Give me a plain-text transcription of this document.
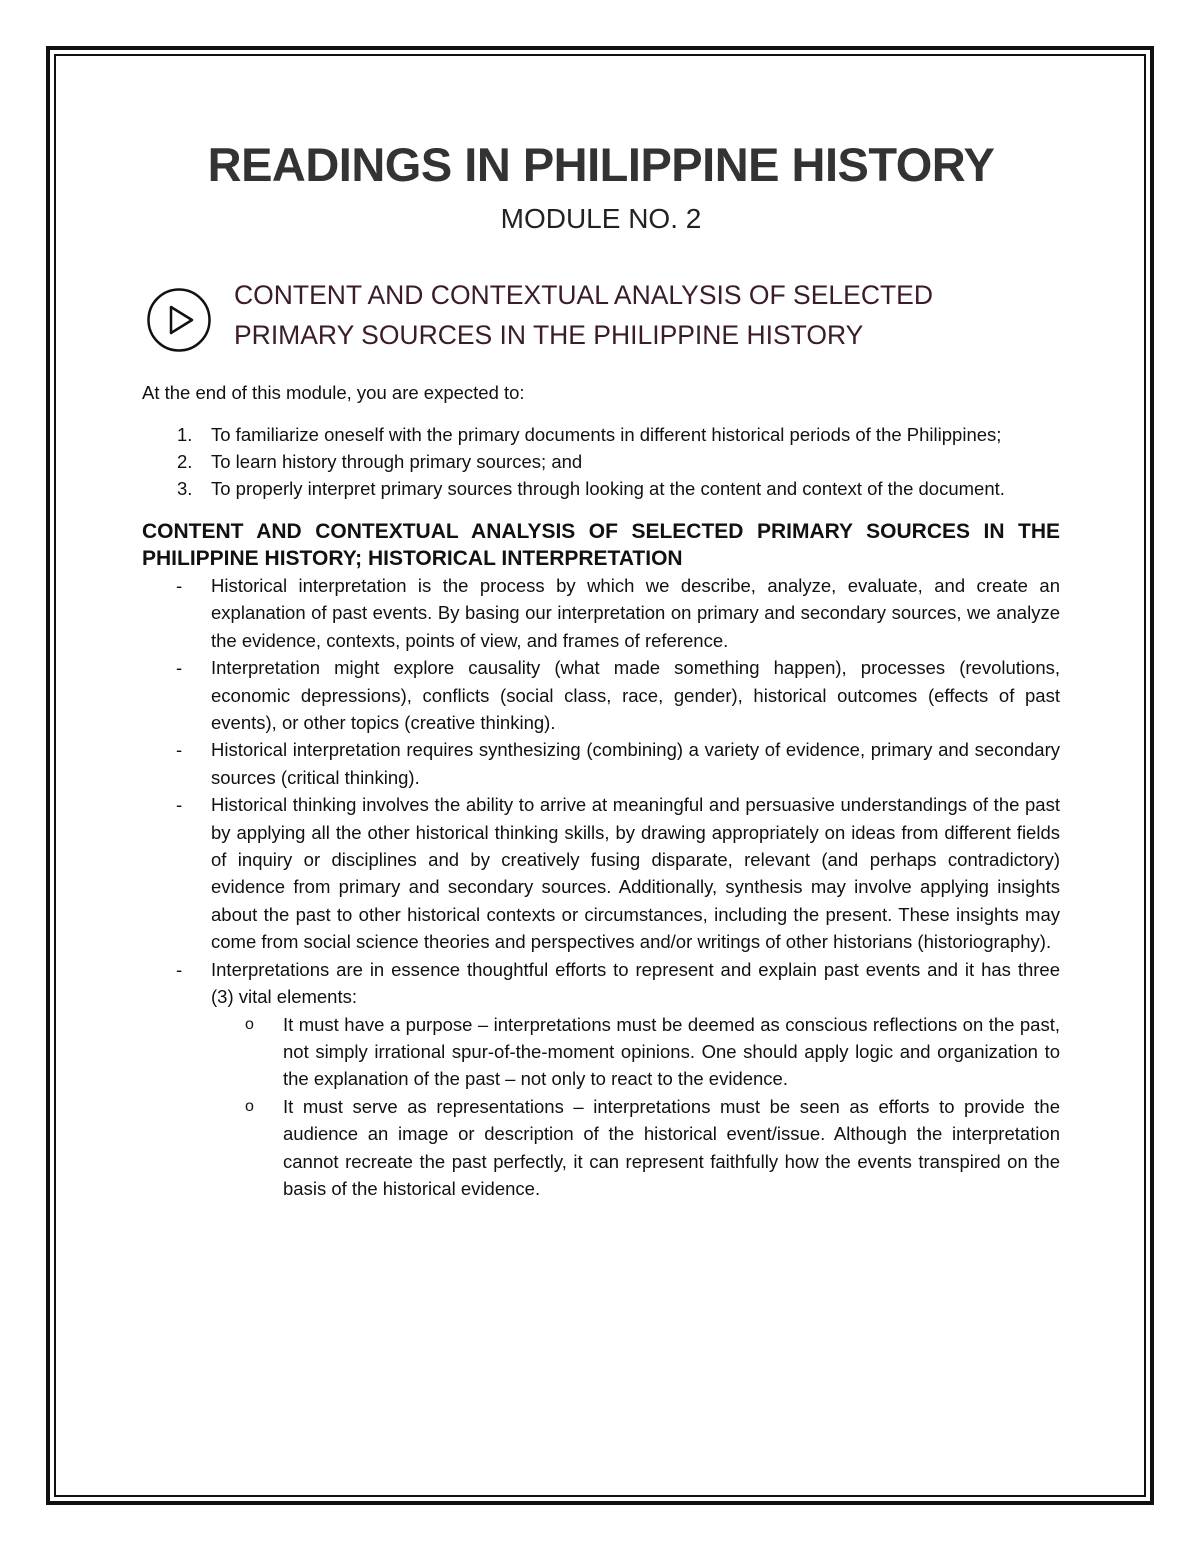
READINGS IN PHILIPPINE HISTORY

MODULE NO. 2

CONTENT AND CONTEXTUAL ANALYSIS OF SELECTED
PRIMARY SOURCES IN THE PHILIPPINE HISTORY

At the end of this module, you are expected to:

1. To familiarize oneself with the primary documents in different historical periods of the Philippines;
2. To learn history through primary sources; and
3. To properly interpret primary sources through looking at the content and context of the document.
CONTENT AND CONTEXTUAL ANALYSIS OF SELECTED PRIMARY SOURCES IN THE PHILIPPINE HISTORY; HISTORICAL INTERPRETATION
- Historical interpretation is the process by which we describe, analyze, evaluate, and create an explanation of past events. By basing our interpretation on primary and secondary sources, we analyze the evidence, contexts, points of view, and frames of reference.
- Interpretation might explore causality (what made something happen), processes (revolutions, economic depressions), conflicts (social class, race, gender), historical outcomes (effects of past events), or other topics (creative thinking).
- Historical interpretation requires synthesizing (combining) a variety of evidence, primary and secondary sources (critical thinking).
- Historical thinking involves the ability to arrive at meaningful and persuasive understandings of the past by applying all the other historical thinking skills, by drawing appropriately on ideas from different fields of inquiry or disciplines and by creatively fusing disparate, relevant (and perhaps contradictory) evidence from primary and secondary sources. Additionally, synthesis may involve applying insights about the past to other historical contexts or circumstances, including the present. These insights may come from social science theories and perspectives and/or writings of other historians (historiography).
- Interpretations are in essence thoughtful efforts to represent and explain past events and it has three (3) vital elements:
o It must have a purpose – interpretations must be deemed as conscious reflections on the past, not simply irrational spur-of-the-moment opinions. One should apply logic and organization to the explanation of the past – not only to react to the evidence.
o It must serve as representations – interpretations must be seen as efforts to provide the audience an image or description of the historical event/issue. Although the interpretation cannot recreate the past perfectly, it can represent faithfully how the events transpired on the basis of the historical evidence.
